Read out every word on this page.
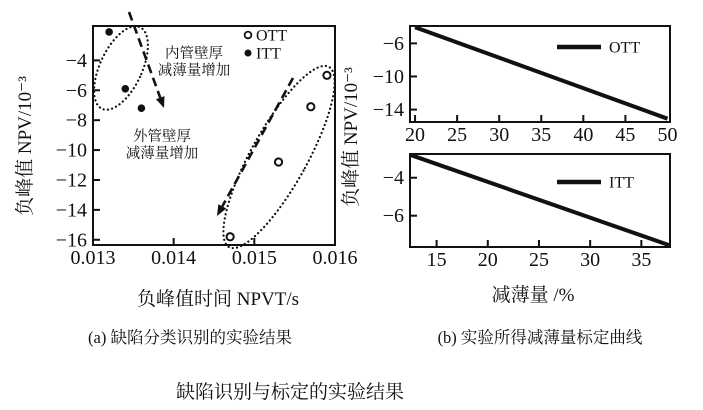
0.013 0.014 0.015 0.016
−4
−6
−8
−10
−12
−14
−16
负峰值时间 NPVT/s
负峰值 NPV/10⁻³
内管壁厚
减薄量增加
外管壁厚
减薄量增加
OTT
ITT
20 25 30 35 40 45 50
−6
−10
−14
OTT
15 20 25 30 35
−4
−6
减薄量 /%
负峰值 NPV/10⁻³	ITT
(a) 缺陷分类识别的实验结果	(b) 实验所得减薄量标定曲线
缺陷识别与标定的实验结果
